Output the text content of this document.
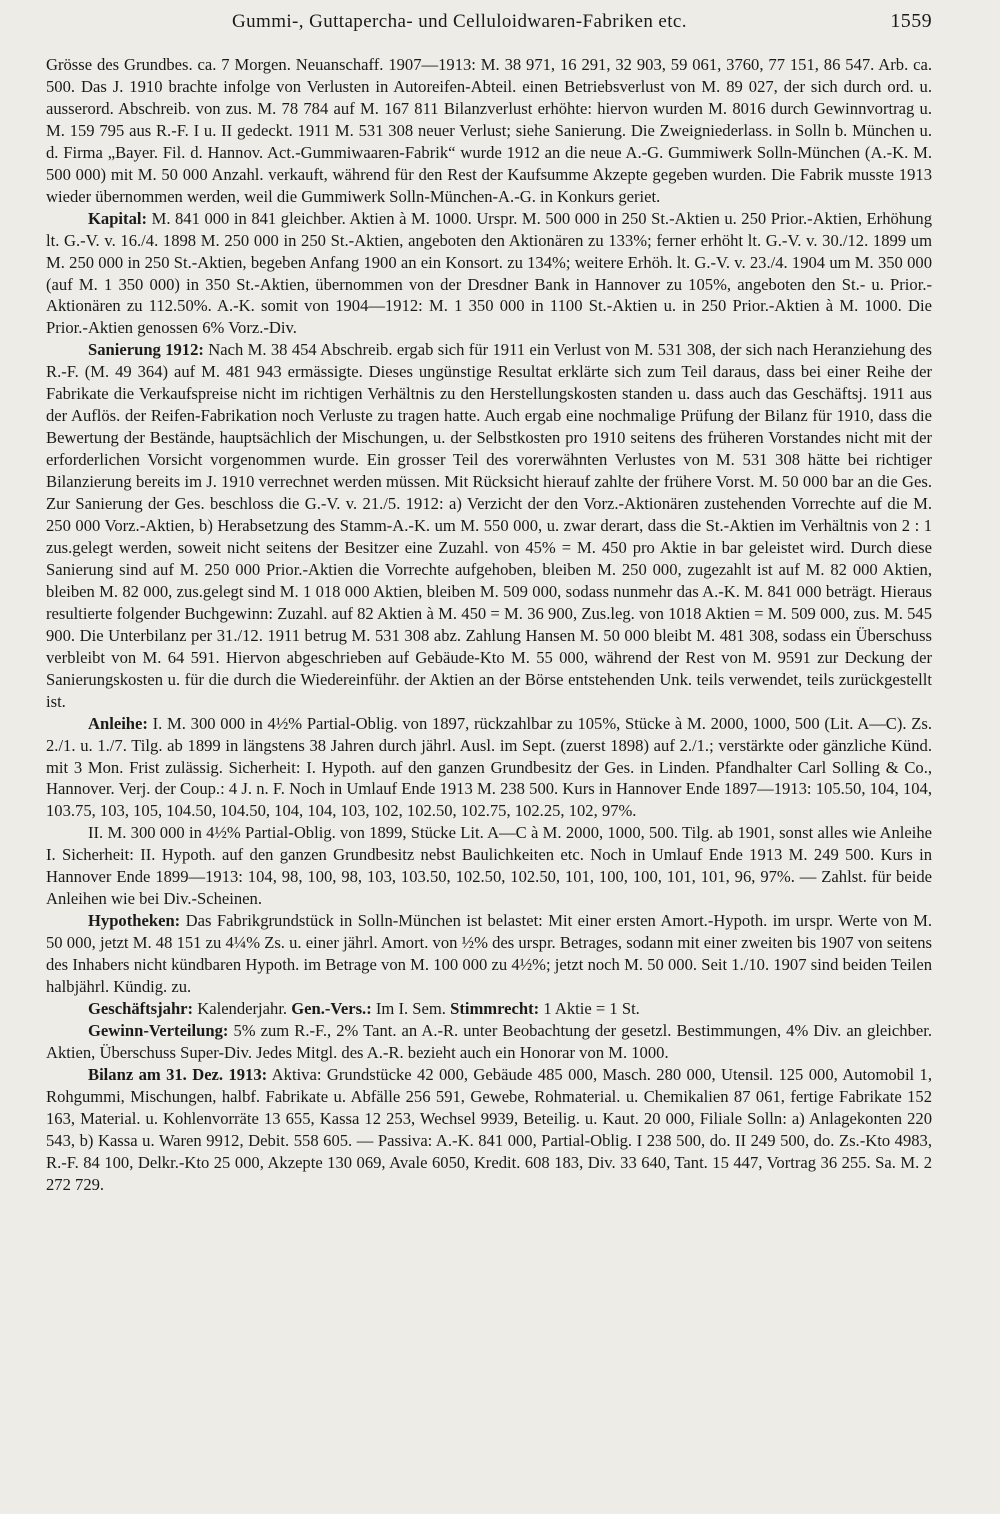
Gummi-, Guttapercha- und Celluloidwaren-Fabriken etc.	1559

Grösse des Grundbes. ca. 7 Morgen. Neuanschaff. 1907—1913: M. 38 971, 16 291, 32 903, 59 061, 3760, 77 151, 86 547. Arb. ca. 500. Das J. 1910 brachte infolge von Verlusten in Autoreifen-Abteil. einen Betriebsverlust von M. 89 027, der sich durch ord. u. ausserord. Abschreib. von zus. M. 78 784 auf M. 167 811 Bilanzverlust erhöhte: hiervon wurden M. 8016 durch Gewinnvortrag u. M. 159 795 aus R.-F. I u. II gedeckt. 1911 M. 531 308 neuer Verlust; siehe Sanierung. Die Zweigniederlass. in Solln b. München u. d. Firma „Bayer. Fil. d. Hannov. Act.-Gummiwaaren-Fabrik“ wurde 1912 an die neue A.-G. Gummiwerk Solln-München (A.-K. M. 500 000) mit M. 50 000 Anzahl. verkauft, während für den Rest der Kaufsumme Akzepte gegeben wurden. Die Fabrik musste 1913 wieder übernommen werden, weil die Gummiwerk Solln-München-A.-G. in Konkurs geriet.

Kapital: M. 841 000 in 841 gleichber. Aktien à M. 1000. Urspr. M. 500 000 in 250 St.-Aktien u. 250 Prior.-Aktien, Erhöhung lt. G.-V. v. 16./4. 1898 M. 250 000 in 250 St.-Aktien, angeboten den Aktionären zu 133%; ferner erhöht lt. G.-V. v. 30./12. 1899 um M. 250 000 in 250 St.-Aktien, begeben Anfang 1900 an ein Konsort. zu 134%; weitere Erhöh. lt. G.-V. v. 23./4. 1904 um M. 350 000 (auf M. 1 350 000) in 350 St.-Aktien, übernommen von der Dresdner Bank in Hannover zu 105%, angeboten den St.- u. Prior.-Aktionären zu 112.50%. A.-K. somit von 1904—1912: M. 1 350 000 in 1100 St.-Aktien u. in 250 Prior.-Aktien à M. 1000. Die Prior.-Aktien genossen 6% Vorz.-Div.

Sanierung 1912: Nach M. 38 454 Abschreib. ergab sich für 1911 ein Verlust von M. 531 308, der sich nach Heranziehung des R.-F. (M. 49 364) auf M. 481 943 ermässigte. Dieses ungünstige Resultat erklärte sich zum Teil daraus, dass bei einer Reihe der Fabrikate die Verkaufspreise nicht im richtigen Verhältnis zu den Herstellungskosten standen u. dass auch das Geschäftsj. 1911 aus der Auflös. der Reifen-Fabrikation noch Verluste zu tragen hatte. Auch ergab eine nochmalige Prüfung der Bilanz für 1910, dass die Bewertung der Bestände, hauptsächlich der Mischungen, u. der Selbstkosten pro 1910 seitens des früheren Vorstandes nicht mit der erforderlichen Vorsicht vorgenommen wurde. Ein grosser Teil des vorerwähnten Verlustes von M. 531 308 hätte bei richtiger Bilanzierung bereits im J. 1910 verrechnet werden müssen. Mit Rücksicht hierauf zahlte der frühere Vorst. M. 50 000 bar an die Ges. Zur Sanierung der Ges. beschloss die G.-V. v. 21./5. 1912: a) Verzicht der den Vorz.-Aktionären zustehenden Vorrechte auf die M. 250 000 Vorz.-Aktien, b) Herabsetzung des Stamm-A.-K. um M. 550 000, u. zwar derart, dass die St.-Aktien im Verhältnis von 2 : 1 zus.gelegt werden, soweit nicht seitens der Besitzer eine Zuzahl. von 45% = M. 450 pro Aktie in bar geleistet wird. Durch diese Sanierung sind auf M. 250 000 Prior.-Aktien die Vorrechte aufgehoben, bleiben M. 250 000, zugezahlt ist auf M. 82 000 Aktien, bleiben M. 82 000, zus.gelegt sind M. 1 018 000 Aktien, bleiben M. 509 000, sodass nunmehr das A.-K. M. 841 000 beträgt. Hieraus resultierte folgender Buchgewinn: Zuzahl. auf 82 Aktien à M. 450 = M. 36 900, Zus.leg. von 1018 Aktien = M. 509 000, zus. M. 545 900. Die Unterbilanz per 31./12. 1911 betrug M. 531 308 abz. Zahlung Hansen M. 50 000 bleibt M. 481 308, sodass ein Überschuss verbleibt von M. 64 591. Hiervon abgeschrieben auf Gebäude-Kto M. 55 000, während der Rest von M. 9591 zur Deckung der Sanierungskosten u. für die durch die Wiedereinführ. der Aktien an der Börse entstehenden Unk. teils verwendet, teils zurückgestellt ist.

Anleihe: I. M. 300 000 in 4½% Partial-Oblig. von 1897, rückzahlbar zu 105%, Stücke à M. 2000, 1000, 500 (Lit. A—C). Zs. 2./1. u. 1./7. Tilg. ab 1899 in längstens 38 Jahren durch jährl. Ausl. im Sept. (zuerst 1898) auf 2./1.; verstärkte oder gänzliche Künd. mit 3 Mon. Frist zulässig. Sicherheit: I. Hypoth. auf den ganzen Grundbesitz der Ges. in Linden. Pfandhalter Carl Solling & Co., Hannover. Verj. der Coup.: 4 J. n. F. Noch in Umlauf Ende 1913 M. 238 500. Kurs in Hannover Ende 1897—1913: 105.50, 104, 104, 103.75, 103, 105, 104.50, 104.50, 104, 104, 103, 102, 102.50, 102.75, 102.25, 102, 97%.

II. M. 300 000 in 4½% Partial-Oblig. von 1899, Stücke Lit. A—C à M. 2000, 1000, 500. Tilg. ab 1901, sonst alles wie Anleihe I. Sicherheit: II. Hypoth. auf den ganzen Grundbesitz nebst Baulichkeiten etc. Noch in Umlauf Ende 1913 M. 249 500. Kurs in Hannover Ende 1899—1913: 104, 98, 100, 98, 103, 103.50, 102.50, 102.50, 101, 100, 100, 101, 101, 96, 97%. — Zahlst. für beide Anleihen wie bei Div.-Scheinen.

Hypotheken: Das Fabrikgrundstück in Solln-München ist belastet: Mit einer ersten Amort.-Hypoth. im urspr. Werte von M. 50 000, jetzt M. 48 151 zu 4¼% Zs. u. einer jährl. Amort. von ½% des urspr. Betrages, sodann mit einer zweiten bis 1907 von seitens des Inhabers nicht kündbaren Hypoth. im Betrage von M. 100 000 zu 4½%; jetzt noch M. 50 000. Seit 1./10. 1907 sind beiden Teilen halbjährl. Kündig. zu.

Geschäftsjahr: Kalenderjahr. Gen.-Vers.: Im I. Sem. Stimmrecht: 1 Aktie = 1 St.

Gewinn-Verteilung: 5% zum R.-F., 2% Tant. an A.-R. unter Beobachtung der gesetzl. Bestimmungen, 4% Div. an gleichber. Aktien, Überschuss Super-Div. Jedes Mitgl. des A.-R. bezieht auch ein Honorar von M. 1000.

Bilanz am 31. Dez. 1913: Aktiva: Grundstücke 42 000, Gebäude 485 000, Masch. 280 000, Utensil. 125 000, Automobil 1, Rohgummi, Mischungen, halbf. Fabrikate u. Abfälle 256 591, Gewebe, Rohmaterial. u. Chemikalien 87 061, fertige Fabrikate 152 163, Material. u. Kohlenvorräte 13 655, Kassa 12 253, Wechsel 9939, Beteilig. u. Kaut. 20 000, Filiale Solln: a) Anlagekonten 220 543, b) Kassa u. Waren 9912, Debit. 558 605. — Passiva: A.-K. 841 000, Partial-Oblig. I 238 500, do. II 249 500, do. Zs.-Kto 4983, R.-F. 84 100, Delkr.-Kto 25 000, Akzepte 130 069, Avale 6050, Kredit. 608 183, Div. 33 640, Tant. 15 447, Vortrag 36 255. Sa. M. 2 272 729.
